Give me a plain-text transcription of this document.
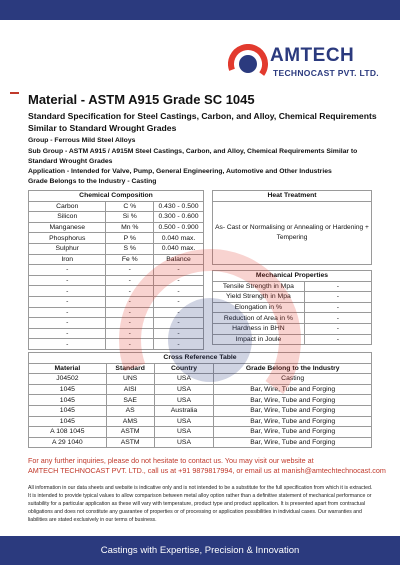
AMTECH
TECHNOCAST PVT. LTD.
Material - ASTM A915 Grade SC 1045
Standard Specification for Steel Castings, Carbon, and Alloy, Chemical Requirements Similar to Standard Wrought Grades
Group - Ferrous Mild Steel Alloys
Sub Group - ASTM A915 / A915M Steel Castings, Carbon, and Alloy, Chemical Requirements Similar to Standard Wrought Grades
Application - Intended for Valve, Pump, General Engineering, Automotive and Other Industries
Grade Belongs to the Industry - Casting
Chemical Composition		
Carbon	C %	0.430 - 0.500
Silicon	Si %	0.300 - 0.600
Manganese	Mn %	0.500 - 0.900
Phosphorus	P %	0.040 max.
Sulphur	S %	0.040 max.
Iron	Fe %	Balance
-	-	-
-	-	-
-	-	-
-	-	-
-	-	-
-	-	-
-	-	-
-	-	-
Heat Treatment
As- Cast or Normalising or Annealing or Hardening + Tempering
Mechanical Properties	
Tensile Strength in Mpa	-
Yield Strength in Mpa	-
Elongation in %	-
Reduction of Area in %	-
Hardness in BHN	-
Impact in Joule	-
Cross Reference Table			
Material	Standard	Country	Grade Belong to the Industry
J04502	UNS	USA	Casting
1045	AISI	USA	Bar, Wire, Tube and Forging
1045	SAE	USA	Bar, Wire, Tube and Forging
1045	AS	Australia	Bar, Wire, Tube and Forging
1045	AMS	USA	Bar, Wire, Tube and Forging
A 108 1045	ASTM	USA	Bar, Wire, Tube and Forging
A 29 1040	ASTM	USA	Bar, Wire, Tube and Forging
For any further inquiries, please do not hesitate to contact us. You may visit our website at
AMTECH TECHNOCAST PVT. LTD., call us at +91 9879817994, or email us at manish@amtechtechnocast.com
All information in our data sheets and website is indicative only and is not intended to be a substitute for the full specification from which it is extracted. It is intended to provide typical values to allow comparison between metal alloy option rather than a definitive statement of mechanical performance or suitability for a particular application as these will vary with temperature, product type and product application. It is presented apart from contractual obligations and does not constitute any guarantee of properties or of processing or application possibilities in individual cases. Our warranties and liabilities are stated exclusively in our terms of business.
Castings with Expertise, Precision & Innovation
